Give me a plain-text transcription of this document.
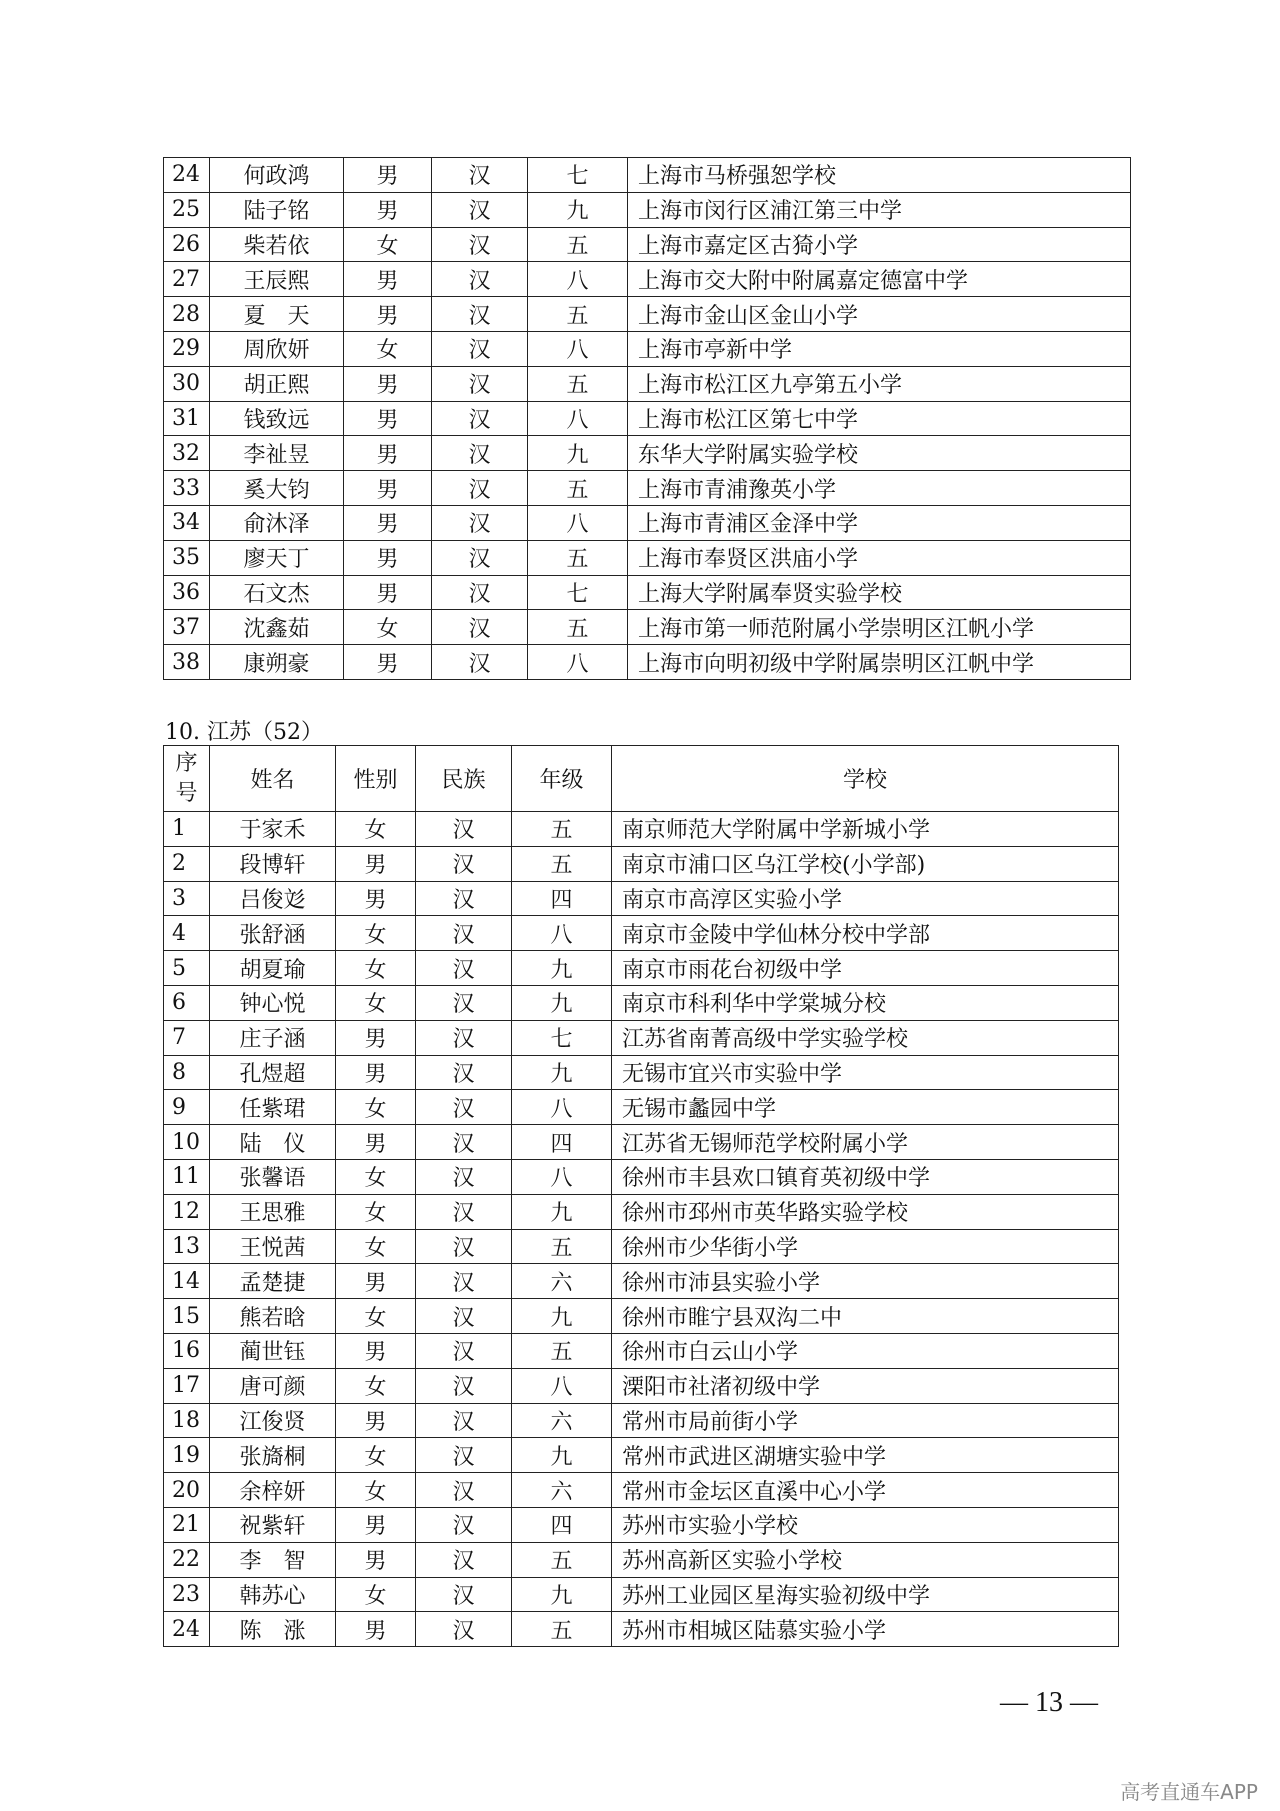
24	何政鸿	男	汉	七	上海市马桥强恕学校
25	陆子铭	男	汉	九	上海市闵行区浦江第三中学
26	柴若依	女	汉	五	上海市嘉定区古猗小学
27	王辰熙	男	汉	八	上海市交大附中附属嘉定德富中学
28	夏　天	男	汉	五	上海市金山区金山小学
29	周欣妍	女	汉	八	上海市亭新中学
30	胡正熙	男	汉	五	上海市松江区九亭第五小学
31	钱致远	男	汉	八	上海市松江区第七中学
32	李祉昱	男	汉	九	东华大学附属实验学校
33	奚大钧	男	汉	五	上海市青浦豫英小学
34	俞沐泽	男	汉	八	上海市青浦区金泽中学
35	廖天丁	男	汉	五	上海市奉贤区洪庙小学
36	石文杰	男	汉	七	上海大学附属奉贤实验学校
37	沈鑫茹	女	汉	五	上海市第一师范附属小学崇明区江帆小学
38	康朔豪	男	汉	八	上海市向明初级中学附属崇明区江帆中学
10. 江苏（52）
序号	姓名	性别	民族	年级	学校
1	于家禾	女	汉	五	南京师范大学附属中学新城小学
2	段博轩	男	汉	五	南京市浦口区乌江学校(小学部)
3	吕俊彣	男	汉	四	南京市高淳区实验小学
4	张舒涵	女	汉	八	南京市金陵中学仙林分校中学部
5	胡夏瑜	女	汉	九	南京市雨花台初级中学
6	钟心悦	女	汉	九	南京市科利华中学棠城分校
7	庄子涵	男	汉	七	江苏省南菁高级中学实验学校
8	孔煜超	男	汉	九	无锡市宜兴市实验中学
9	任紫珺	女	汉	八	无锡市蠡园中学
10	陆　仪	男	汉	四	江苏省无锡师范学校附属小学
11	张馨语	女	汉	八	徐州市丰县欢口镇育英初级中学
12	王思雅	女	汉	九	徐州市邳州市英华路实验学校
13	王悦茜	女	汉	五	徐州市少华街小学
14	孟楚捷	男	汉	六	徐州市沛县实验小学
15	熊若晗	女	汉	九	徐州市睢宁县双沟二中
16	蔺世钰	男	汉	五	徐州市白云山小学
17	唐可颜	女	汉	八	溧阳市社渚初级中学
18	江俊贤	男	汉	六	常州市局前街小学
19	张旖桐	女	汉	九	常州市武进区湖塘实验中学
20	余梓妍	女	汉	六	常州市金坛区直溪中心小学
21	祝紫轩	男	汉	四	苏州市实验小学校
22	李　智	男	汉	五	苏州高新区实验小学校
23	韩苏心	女	汉	九	苏州工业园区星海实验初级中学
24	陈　涨	男	汉	五	苏州市相城区陆慕实验小学
— 13 —
高考直通车APP
